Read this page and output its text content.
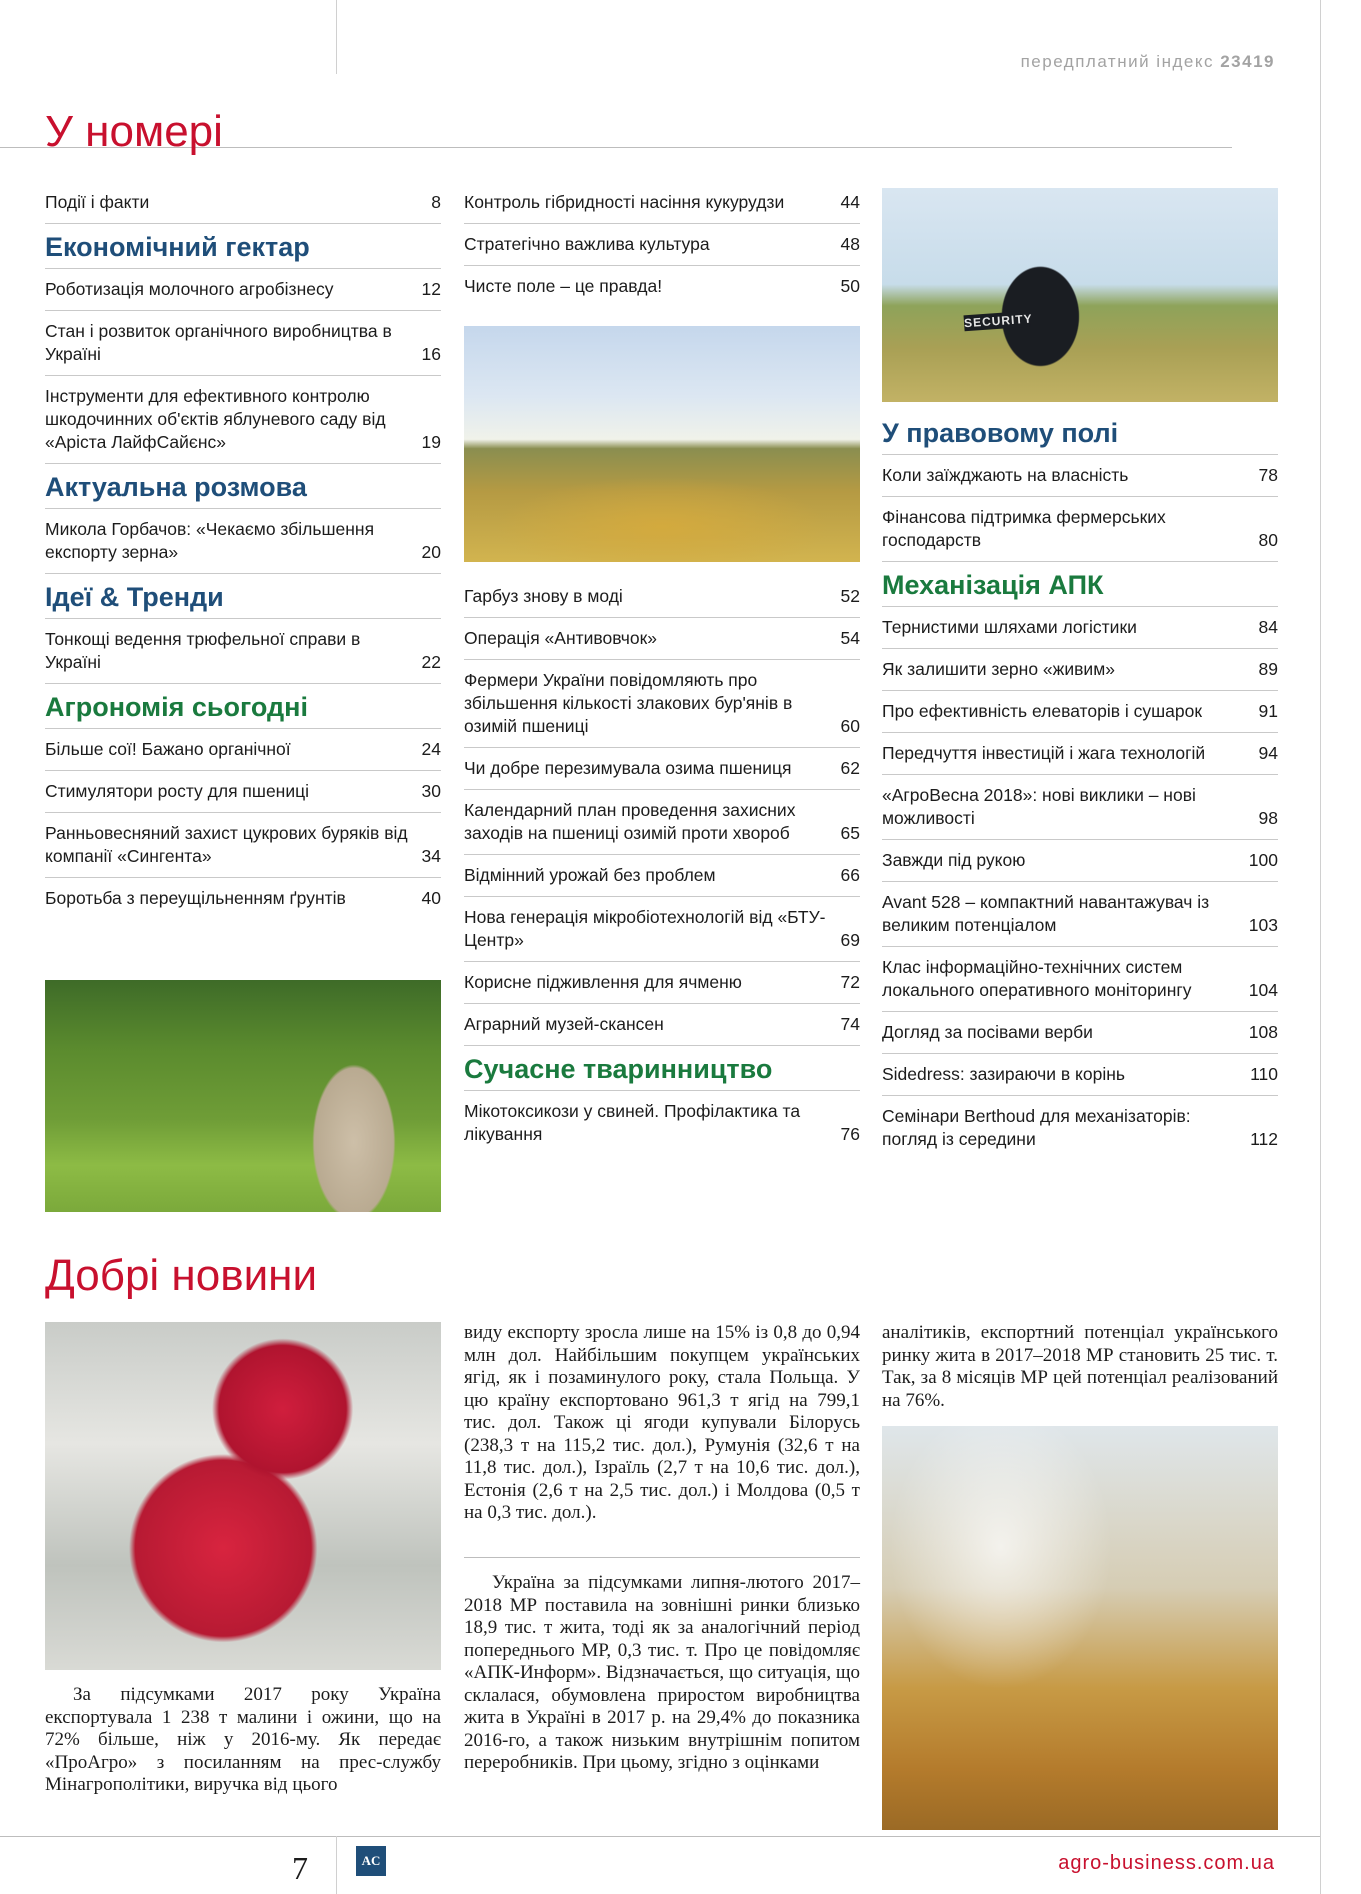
передплатний індекс 23419
У номері
Події і факти	8
Економічний гектар
Роботизація молочного агробізнесу	12
Стан і розвиток органічного виробництва в Україні	16
Інструменти для ефективного контролю шкодочинних об'єктів яблуневого саду від «Аріста ЛайфСайєнс»	19
Актуальна розмова
Микола Горбачов: «Чекаємо збільшення експорту зерна»	20
Ідеї & Тренди
Тонкощі ведення трюфельної справи в Україні	22
Агрономія сьогодні
Більше сої! Бажано органічної	24
Стимулятори росту для пшениці	30
Ранньовесняний захист цукрових буряків від компанії «Сингента»	34
Боротьба з переущільненням ґрунтів	40
Контроль гібридності насіння кукурудзи	44
Стратегічно важлива культура	48
Чисте поле – це правда!	50
Гарбуз знову в моді	52
Операція «Антивовчок»	54
Фермери України повідомляють про збільшення кількості злакових бур'янів в озимій пшениці	60
Чи добре перезимувала озима пшениця	62
Календарний план проведення захисних заходів на пшениці озимій проти хвороб	65
Відмінний урожай без проблем	66
Нова генерація мікробіотехнологій від «БТУ-Центр»	69
Корисне підживлення для ячменю	72
Аграрний музей-скансен	74
Сучасне тваринництво
Мікотоксикози у свиней. Профілактика та лікування	76
У правовому полі
Коли заїжджають на власність	78
Фінансова підтримка фермерських господарств	80
Механізація АПК
Тернистими шляхами логістики	84
Як залишити зерно «живим»	89
Про ефективність елеваторів і сушарок	91
Передчуття інвестицій і жага технологій	94
«АгроВесна 2018»: нові виклики – нові можливості	98
Завжди під рукою	100
Avant 528 – компактний навантажувач із великим потенціалом	103
Клас інформаційно-технічних систем локального оперативного моніторингу	104
Догляд за посівами верби	108
Sidedress: зазираючи в корінь	110
Семінари Berthoud для механізаторів: погляд із середини	112
SECURITY
Добрі новини

За підсумками 2017 року Україна експортувала 1 238 т малини і ожини, що на 72% більше, ніж у 2016-му. Як передає «ПроАгро» з посиланням на прес-службу Мінагрополітики, виручка від цього

виду експорту зросла лише на 15% із 0,8 до 0,94 млн дол. Найбільшим покупцем українських ягід, як і позаминулого року, стала Польща. У цю країну експортовано 961,3 т ягід на 799,1 тис. дол. Також ці ягоди купували Білорусь (238,3 т на 115,2 тис. дол.), Румунія (32,6 т на 11,8 тис. дол.), Ізраїль (2,7 т на 10,6 тис. дол.), Естонія (2,6 т на 2,5 тис. дол.) і Молдова (0,5 т на 0,3 тис. дол.).

Україна за підсумками липня-лютого 2017–2018 МР поставила на зовнішні ринки близько 18,9 тис. т жита, тоді як за аналогічний період попереднього МР, 0,3 тис. т. Про це повідомляє «АПК-Информ». Відзначається, що ситуація, що склалася, обумовлена приростом виробництва жита в Україні в 2017 р. на 29,4% до показника 2016-го, а також низьким внутрішнім попитом переробників. При цьому, згідно з оцінками

аналітиків, експортний потенціал українського ринку жита в 2017–2018 МР становить 25 тис. т. Так, за 8 місяців МР цей потенціал реалізований на 76%.

7	AC	agro-business.com.ua
